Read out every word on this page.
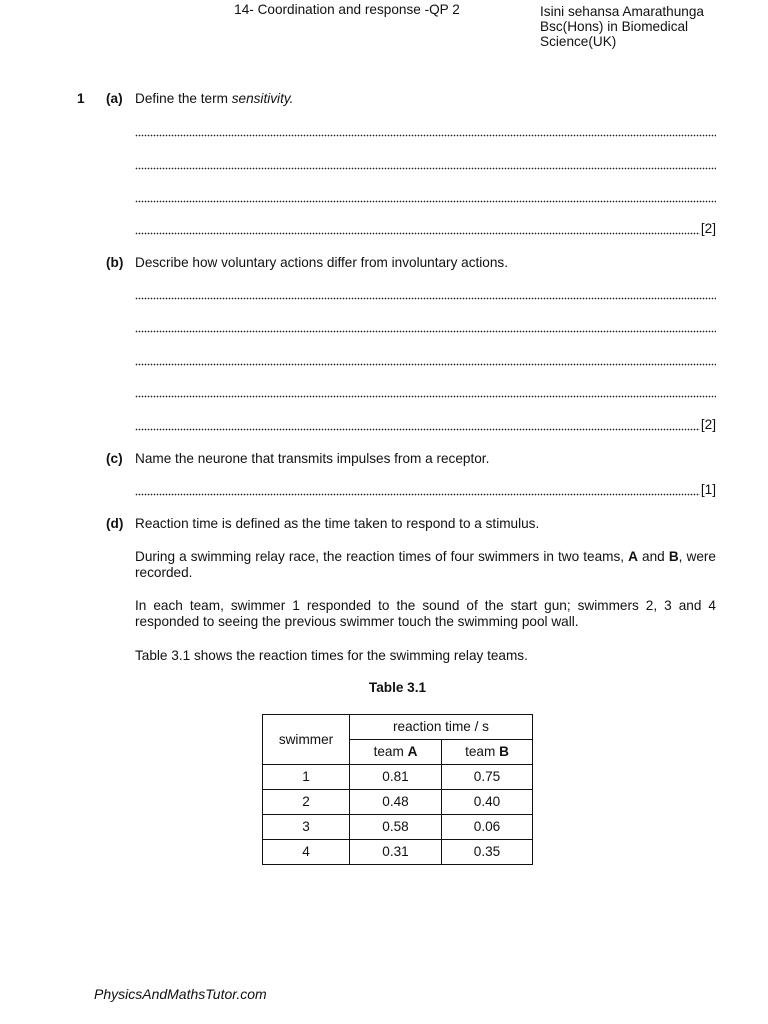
14- Coordination and response -QP 2	Isini sehansa Amarathunga
Bsc(Hons) in Biomedical Science(UK)
1 (a) Define the term sensitivity.
[2]
(b) Describe how voluntary actions differ from involuntary actions.
[2]
(c) Name the neurone that transmits impulses from a receptor.
[1]
(d) Reaction time is defined as the time taken to respond to a stimulus.
During a swimming relay race, the reaction times of four swimmers in two teams, A and B, were recorded.
In each team, swimmer 1 responded to the sound of the start gun; swimmers 2, 3 and 4 responded to seeing the previous swimmer touch the swimming pool wall.
Table 3.1 shows the reaction times for the swimming relay teams.
Table 3.1
swimmer	reaction time / s	
	team A	team B
1	0.81	0.75
2	0.48	0.40
3	0.58	0.06
4	0.31	0.35
PhysicsAndMathsTutor.com
